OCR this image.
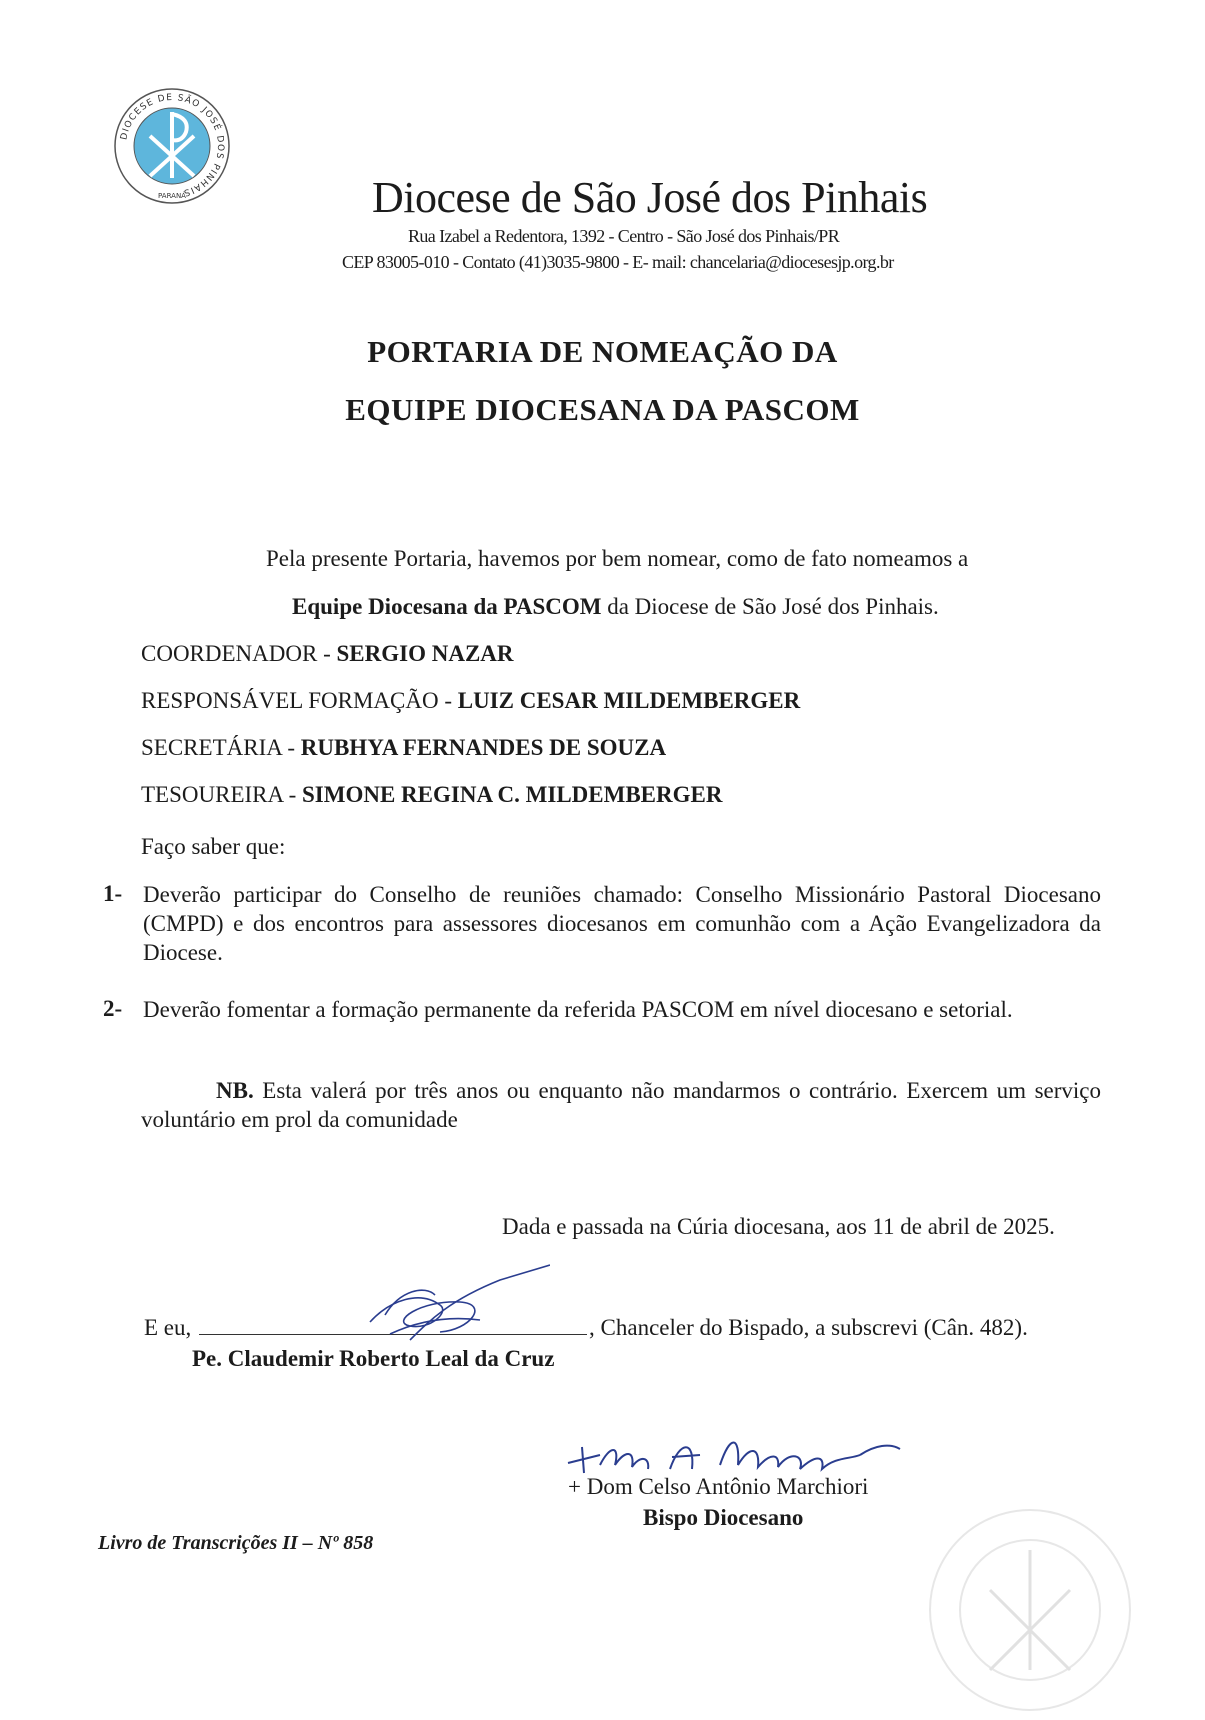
DIOCESE DE SÃO JOSÉ DOS PINHAIS
PARANÁ	Diocese de São José dos Pinhais
Rua Izabel a Redentora, 1392 - Centro - São José dos Pinhais/PR
CEP 83005-010 - Contato (41)3035-9800 - E- mail: chancelaria@diocesesjp.org.br
PORTARIA DE NOMEAÇÃO DA
EQUIPE DIOCESANA DA PASCOM
Pela presente Portaria, havemos por bem nomear, como de fato nomeamos a
Equipe Diocesana da PASCOM da Diocese de São José dos Pinhais.
COORDENADOR - SERGIO NAZAR
RESPONSÁVEL FORMAÇÃO - LUIZ CESAR MILDEMBERGER
SECRETÁRIA - RUBHYA FERNANDES DE SOUZA
TESOUREIRA - SIMONE REGINA C. MILDEMBERGER
Faço saber que:
1- Deverão participar do Conselho de reuniões chamado: Conselho Missionário Pastoral Diocesano (CMPD) e dos encontros para assessores diocesanos em comunhão com a Ação Evangelizadora da Diocese.
2- Deverão fomentar a formação permanente da referida PASCOM em nível diocesano e setorial.
NB. Esta valerá por três anos ou enquanto não mandarmos o contrário. Exercem um serviço voluntário em prol da comunidade
Dada e passada na Cúria diocesana, aos 11 de abril de 2025.
E eu,	, Chanceler do Bispado, a subscrevi (Cân. 482).
Pe. Claudemir Roberto Leal da Cruz
+ Dom Celso Antônio Marchiori
Bispo Diocesano
Livro de Transcrições II – Nº 858
